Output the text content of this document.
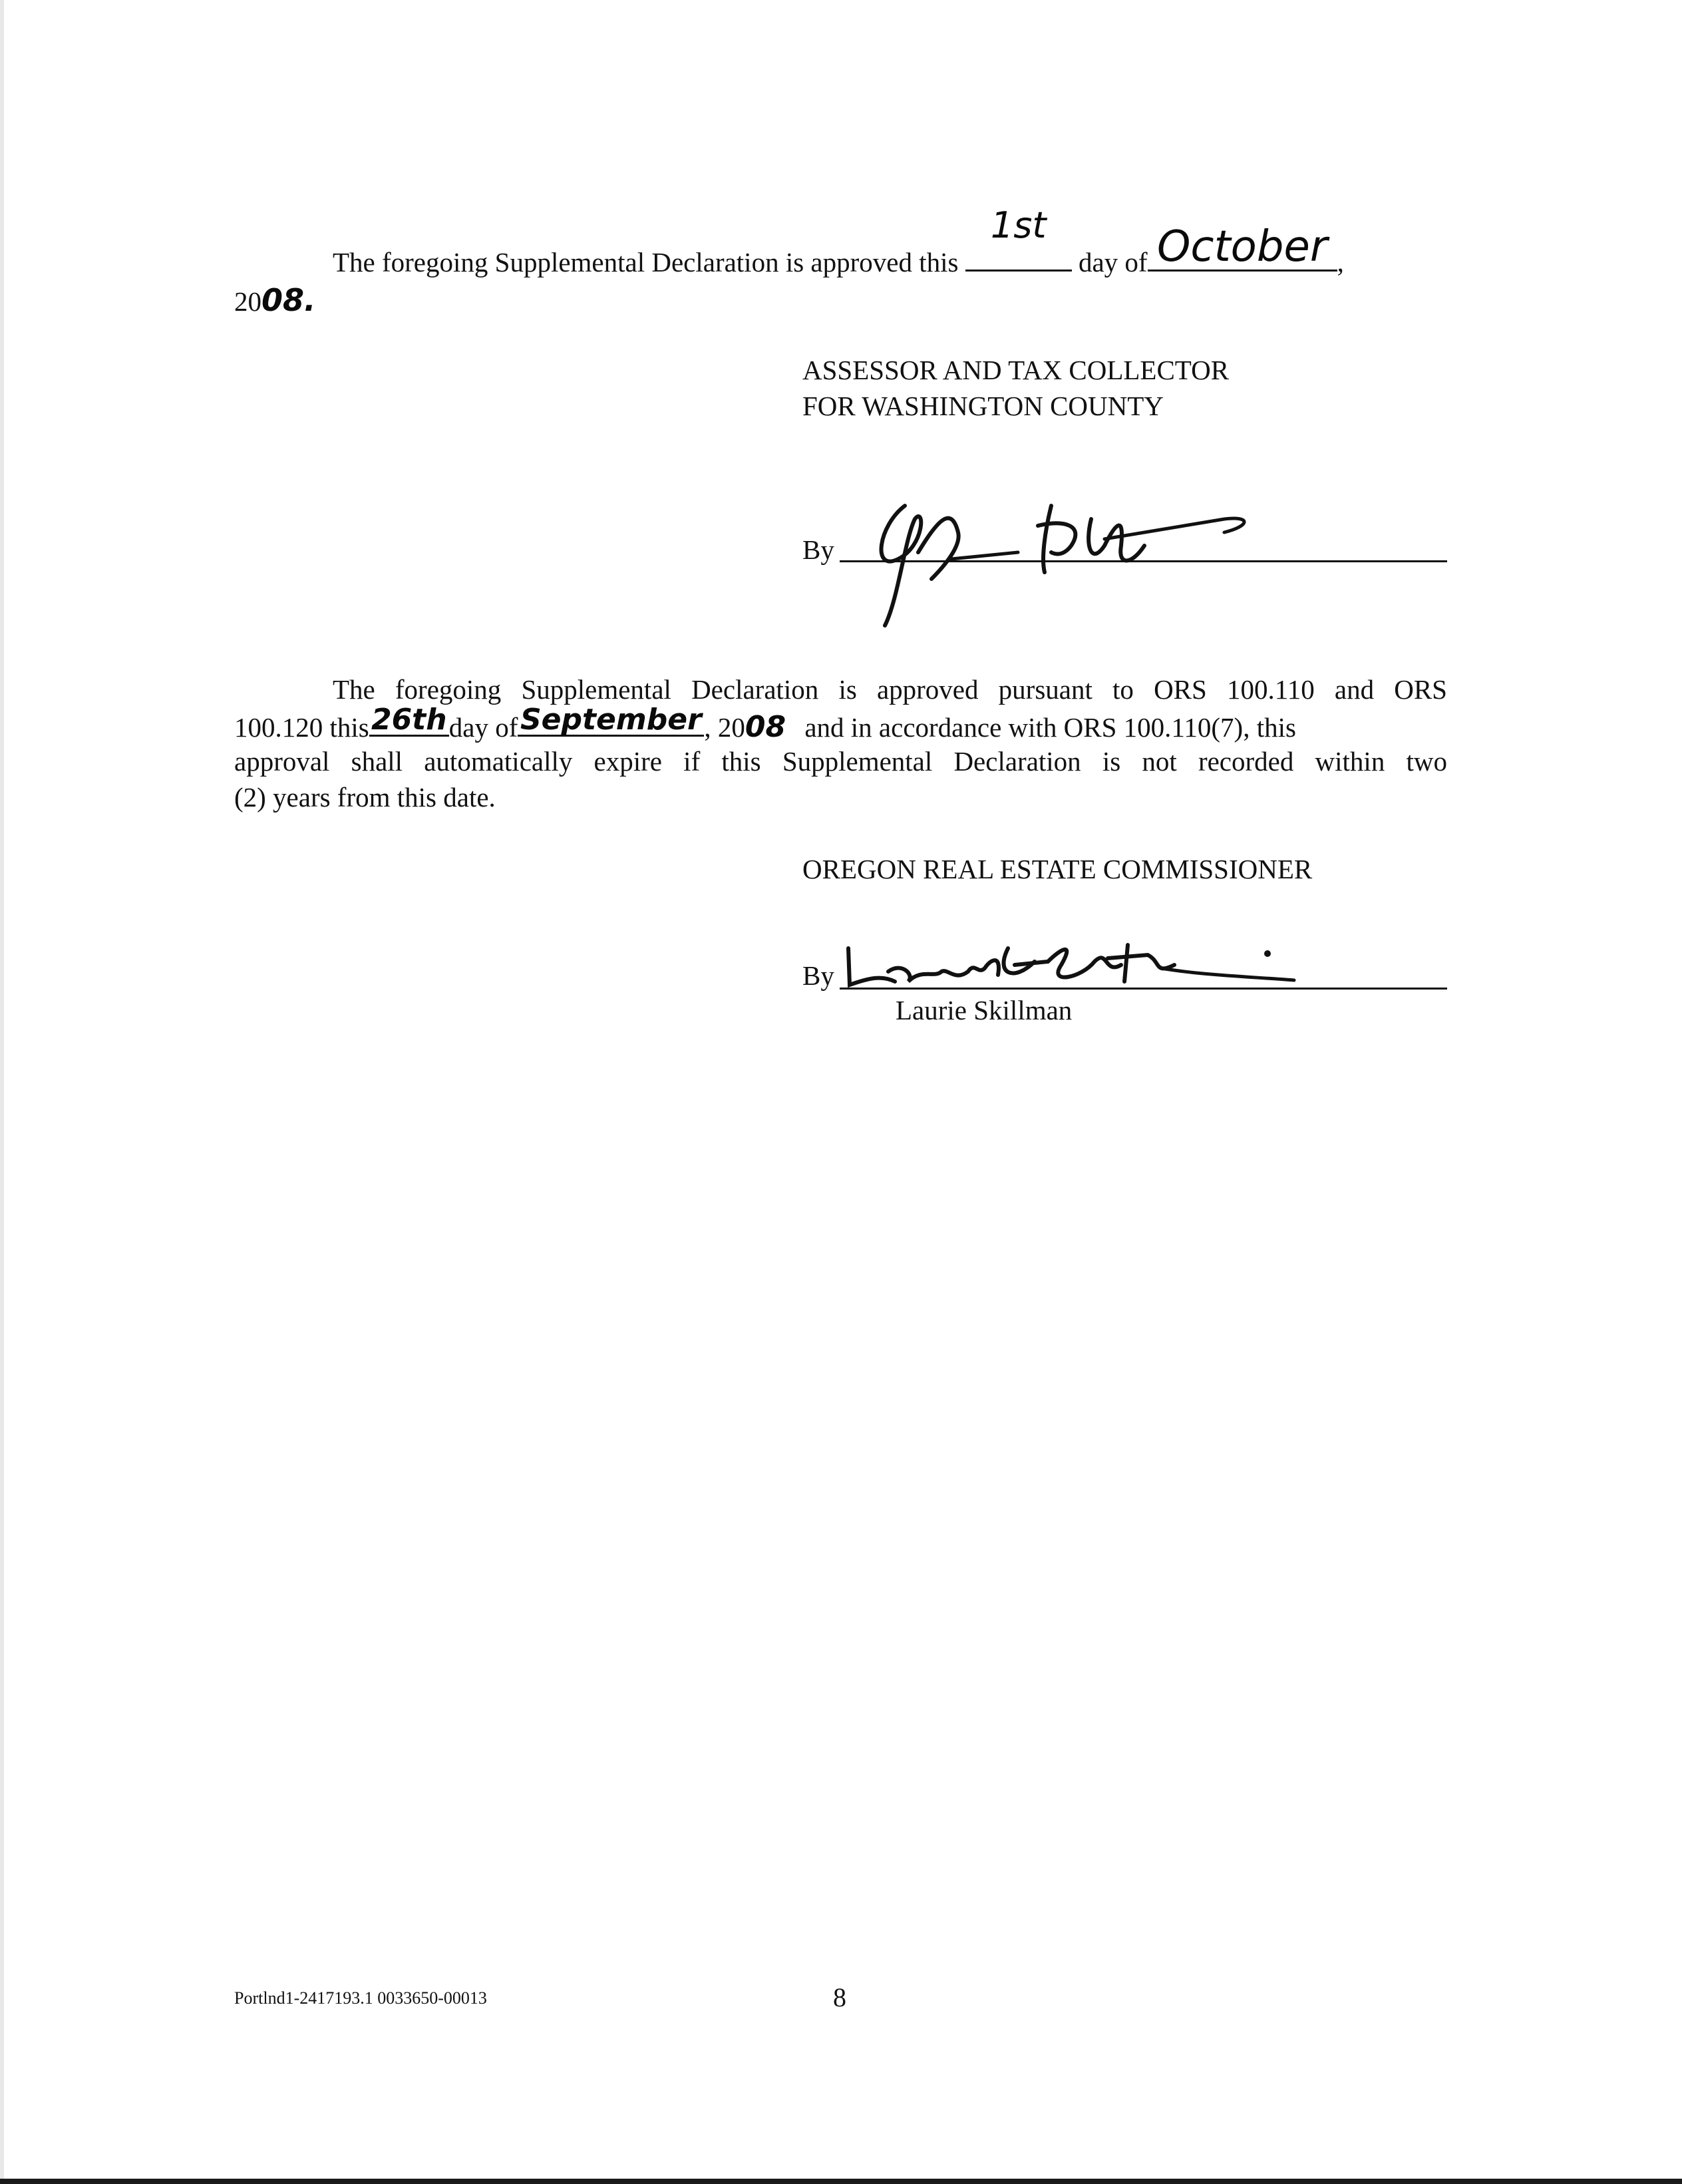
The foregoing Supplemental Declaration is approved this
1st
day of October ,
2008.
ASSESSOR AND TAX COLLECTOR
FOR WASHINGTON COUNTY
By
The foregoing Supplemental Declaration is approved pursuant to ORS 100.110 and ORS
100.120 this 26th day of September , 2008 and in accordance with ORS 100.110(7), this
approval shall automatically expire if this Supplemental Declaration is not recorded within two
(2) years from this date.
OREGON REAL ESTATE COMMISSIONER
By
Laurie Skillman
Portlnd1-2417193.1 0033650-00013	8
